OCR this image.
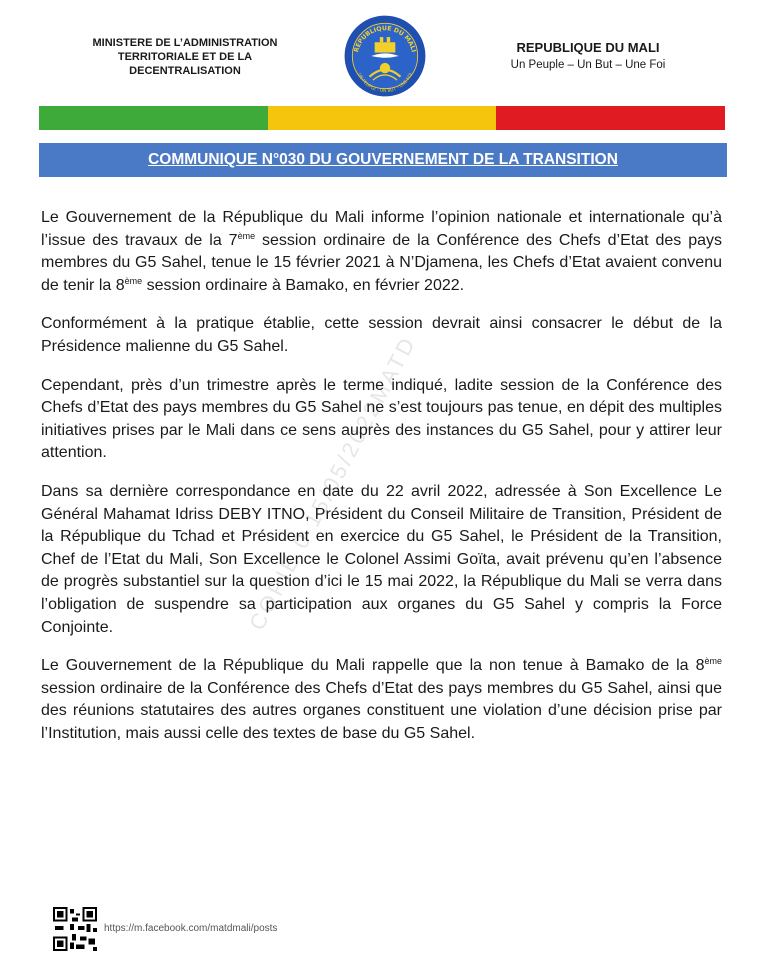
MINISTERE DE L’ADMINISTRATION
TERRITORIALE ET DE LA
DECENTRALISATION
REPUBLIQUE DU MALI
UN PEUPLE - UN BUT - UNE FOI
REPUBLIQUE DU MALI
Un Peuple – Un But – Une Foi
COMMUNIQUE N°030 DU GOUVERNEMENT DE LA TRANSITION
COPIE 0 15/05/2022MATD

Le Gouvernement de la République du Mali informe l’opinion nationale et internationale qu’à l’issue des travaux de la 7ème session ordinaire de la Conférence des Chefs d’Etat des pays membres du G5 Sahel, tenue le 15 février 2021 à N’Djamena, les Chefs d’Etat avaient convenu de tenir la 8ème session ordinaire à Bamako, en février 2022.

Conformément à la pratique établie, cette session devrait ainsi consacrer le début de la Présidence malienne du G5 Sahel.

Cependant, près d’un trimestre après le terme indiqué, ladite session de la Conférence des Chefs d’Etat des pays membres du G5 Sahel ne s’est toujours pas tenue, en dépit des multiples initiatives prises par le Mali dans ce sens auprès des instances du G5 Sahel, pour y attirer leur attention.

Dans sa dernière correspondance en date du 22 avril 2022, adressée à Son Excellence Le Général Mahamat Idriss DEBY ITNO, Président du Conseil Militaire de Transition, Président de la République du Tchad et Président en exercice du G5 Sahel, le Président de la Transition, Chef de l’Etat du Mali, Son Excellence le Colonel Assimi Goïta, avait prévenu qu’en l’absence de progrès substantiel sur la question d’ici le 15 mai 2022, la République du Mali se verra dans l’obligation de suspendre sa participation aux organes du G5 Sahel y compris la Force Conjointe.

Le Gouvernement de la République du Mali rappelle que la non tenue à Bamako de la 8ème session ordinaire de la Conférence des Chefs d’Etat des pays membres du G5 Sahel, ainsi que des réunions statutaires des autres organes constituent une violation d’une décision prise par l’Institution, mais aussi celle des textes de base du G5 Sahel.

https://m.facebook.com/matdmali/posts
